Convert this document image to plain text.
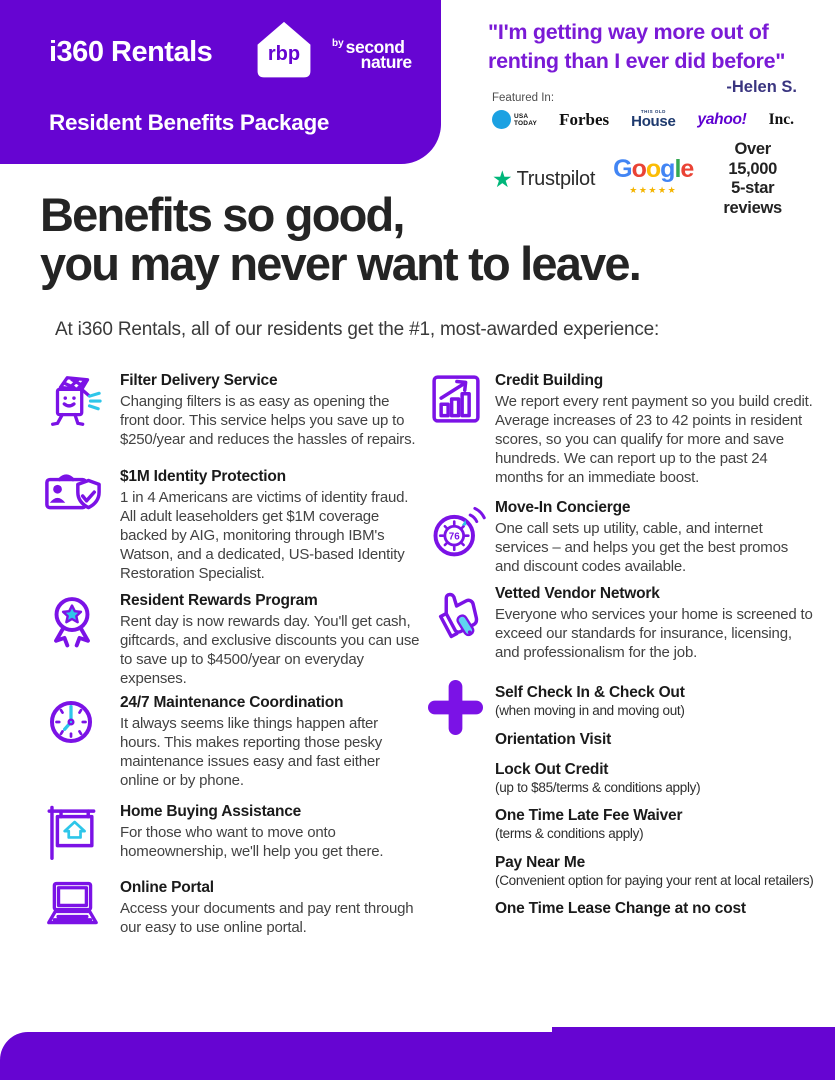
i360 Rentals	rbp	by second
nature
Resident Benefits Package
"I'm getting way more out of
renting than I ever did before"
-Helen S.
Featured In:
USA
TODAY Forbes	THIS OLD
House yahoo! Inc.
★ Trustpilot Google
★★★★★
Over 15,000
5-star reviews
Benefits so good,
you may never want to leave.
At i360 Rentals, all of our residents get the #1, most-awarded experience:
Filter Delivery Service
Changing filters is as easy as opening the front door. This service helps you save up to $250/year and reduces the hassles of repairs.
$1M Identity Protection
1 in 4 Americans are victims of identity fraud. All adult leaseholders get $1M coverage backed by AIG, monitoring through IBM's Watson, and a dedicated, US-based Identity Restoration Specialist.
Resident Rewards Program
Rent day is now rewards day. You'll get cash, giftcards, and exclusive discounts you can use to save up to $4500/year on everyday expenses.
24/7 Maintenance Coordination
It always seems like things happen after hours. This makes reporting those pesky maintenance issues easy and fast either online or by phone.
Home Buying Assistance
For those who want to move onto homeownership, we'll help you get there.
Online Portal
Access your documents and pay rent through our easy to use online portal.
Credit Building
We report every rent payment so you build credit. Average increases of 23 to 42 points in resident scores, so you can qualify for more and save hundreds. We can report up to the past 24 months for an immediate boost.
76
Move-In Concierge
One call sets up utility, cable, and internet services – and helps you get the best promos and discount codes available.
Vetted Vendor Network
Everyone who services your home is screened to exceed our standards for insurance, licensing, and professionalism for the job.
Self Check In & Check Out
(when moving in and moving out)
Orientation Visit
Lock Out Credit
(up to $85/terms & conditions apply)
One Time Late Fee Waiver
(terms & conditions apply)
Pay Near Me
(Convenient option for paying your rent at local retailers)
One Time Lease Change at no cost
